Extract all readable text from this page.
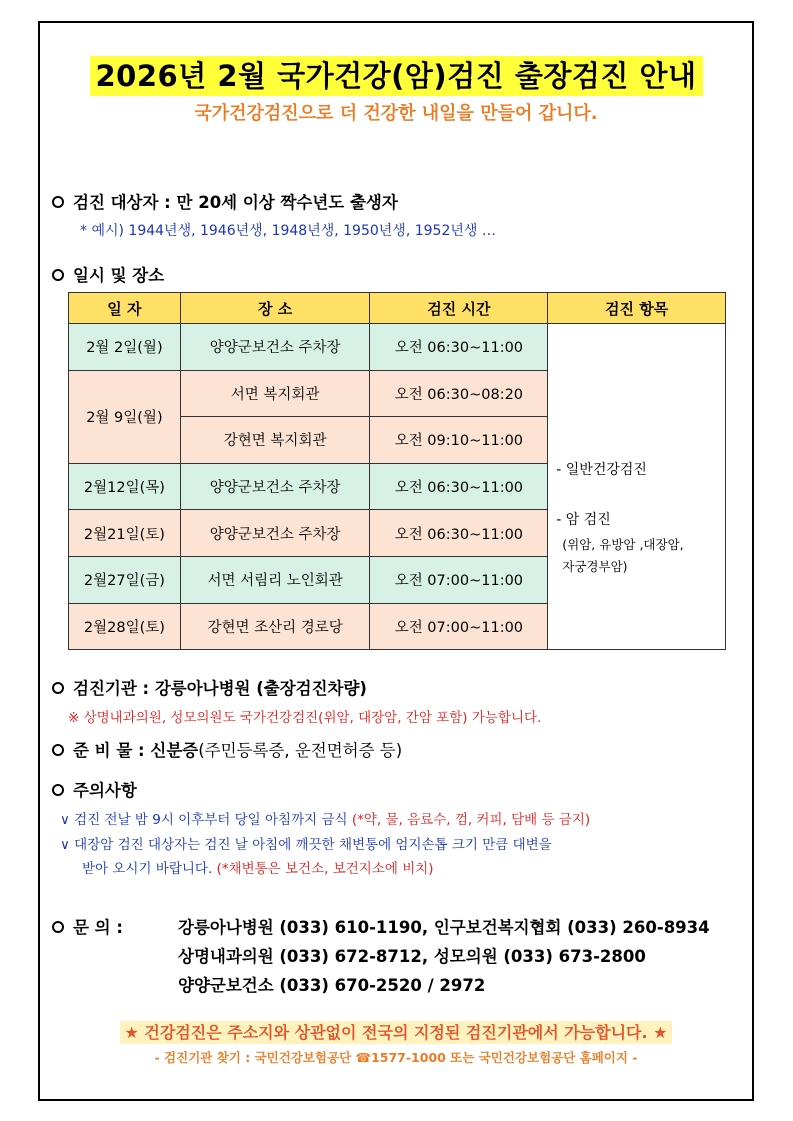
2026년 2월 국가건강(암)검진 출장검진 안내
국가건강검진으로 더 건강한 내일을 만들어 갑니다.
검진 대상자 : 만 20세 이상 짝수년도 출생자
* 예시) 1944년생, 1946년생, 1948년생, 1950년생, 1952년생 …
일시 및 장소
일 자	장 소	검진 시간	검진 항목
2월 2일(월)	양양군보건소 주차장	오전 06:30~11:00	- 일반건강검진
- 암 검진
(위암, 유방암 ,대장암,
자궁경부암)

2월 9일(월)	서면 복지회관	오전 06:30~08:20	
	강현면 복지회관	오전 09:10~11:00	
2월12일(목)	양양군보건소 주차장	오전 06:30~11:00	
2월21일(토)	양양군보건소 주차장	오전 06:30~11:00	
2월27일(금)	서면 서림리 노인회관	오전 07:00~11:00	
2월28일(토)	강현면 조산리 경로당	오전 07:00~11:00	
검진기관 : 강릉아나병원 (출장검진차량)
※ 상명내과의원, 성모의원도 국가건강검진(위암, 대장암, 간암 포함) 가능합니다.
준 비 물 : 신분증(주민등록증, 운전면허증 등)
주의사항
∨ 검진 전날 밤 9시 이후부터 당일 아침까지 금식 (*약, 물, 음료수, 껌, 커피, 담배 등 금지)
∨ 대장암 검진 대상자는 검진 날 아침에 깨끗한 채변통에 엄지손톱 크기 만큼 대변을
받아 오시기 바랍니다. (*채변통은 보건소, 보건지소에 비치)
문 의 :	강릉아나병원 (033) 610-1190, 인구보건복지협회 (033) 260-8934
상명내과의원 (033) 672-8712, 성모의원 (033) 673-2800
양양군보건소 (033) 670-2520 / 2972
★ 건강검진은 주소지와 상관없이 전국의 지정된 검진기관에서 가능합니다. ★
- 검진기관 찾기 : 국민건강보험공단 ☎1577-1000 또는 국민건강보험공단 홈페이지 -
